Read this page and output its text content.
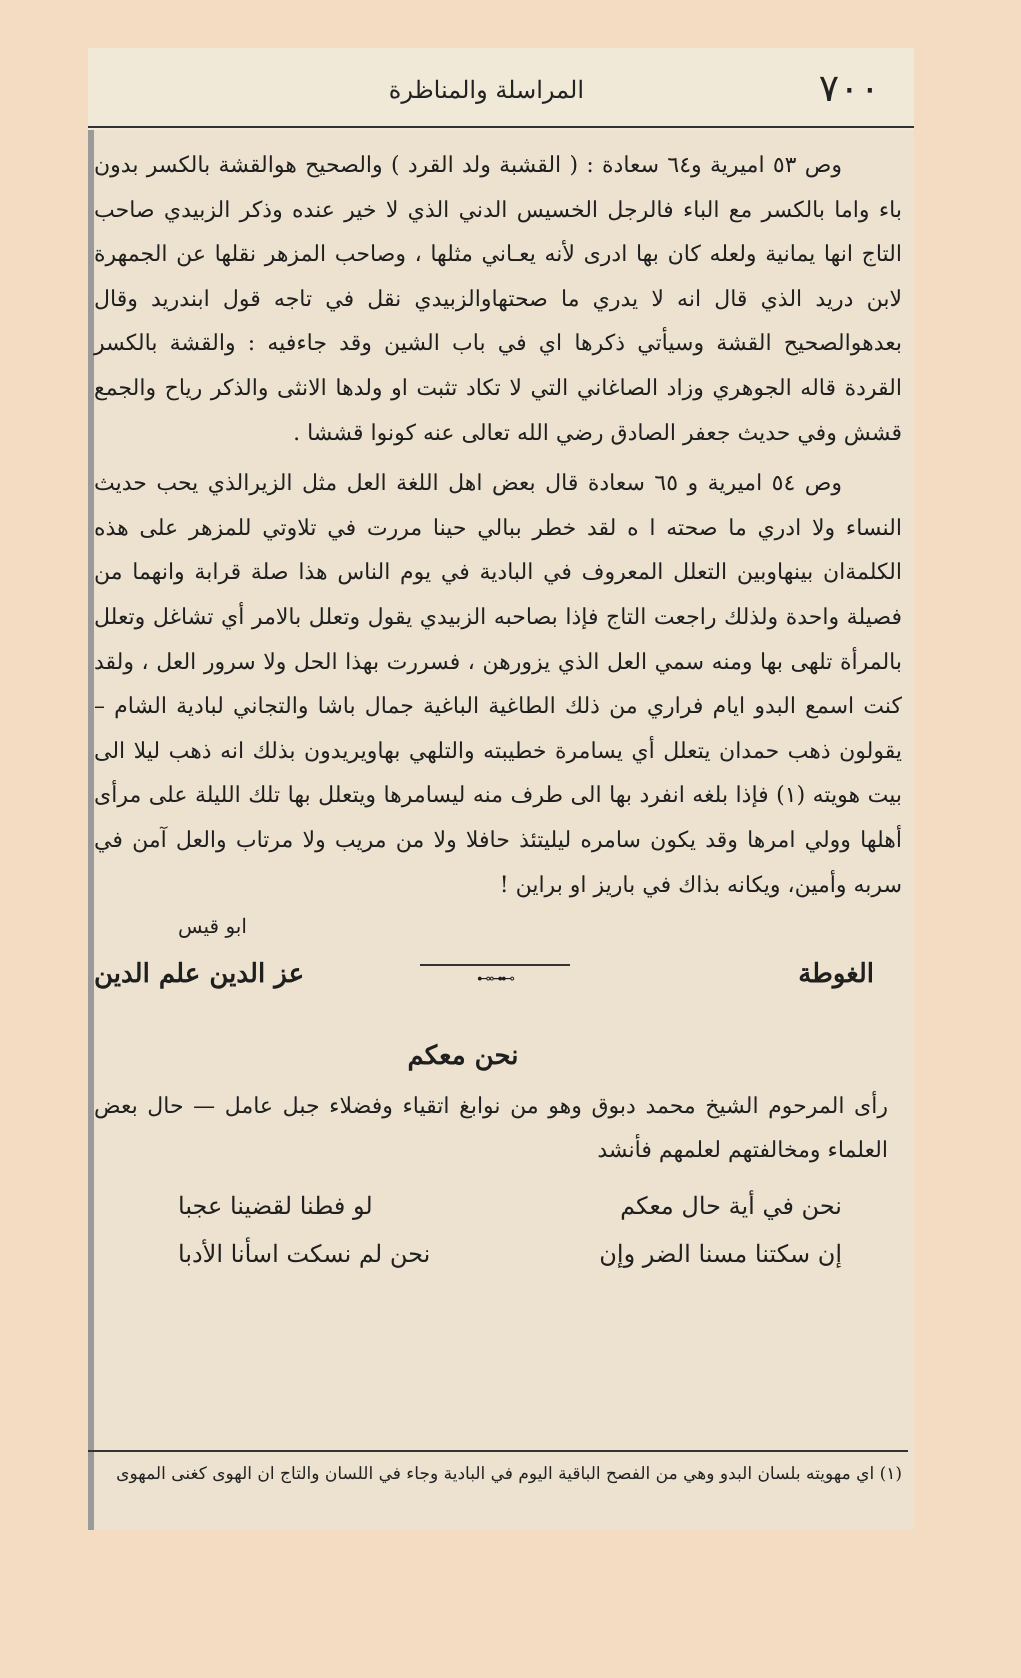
٧٠٠
المراسلة والمناظرة

وص ٥٣ اميرية و٦٤ سعادة : ( القشبة ولد القرد ) والصحيح هوالقشة بالكسر بدون باء واما بالكسر مع الباء فالرجل الخسيس الدني الذي لا خير عنده وذكر الزبيدي صاحب التاج انها يمانية ولعله كان بها ادرى لأنه يعـاني مثلها ، وصاحب المزهر نقلها عن الجمهرة لابن دريد الذي قال انه لا يدري ما صحتهاوالزبيدي نقل في تاجه قول ابندريد وقال بعدهوالصحيح القشة وسيأتي ذكرها اي في باب الشين وقد جاءفيه : والقشة بالكسر القردة قاله الجوهري وزاد الصاغاني التي لا تكاد تثبت او ولدها الانثى والذكر رياح والجمع قشش وفي حديث جعفر الصادق رضي الله تعالى عنه كونوا قششا .

وص ٥٤ اميرية و ٦٥ سعادة قال بعض اهل اللغة العل مثل الزيرالذي يحب حديث النساء ولا ادري ما صحته ا ه لقد خطر ببالي حينا مررت في تلاوتي للمزهر على هذه الكلمةان بينهاوبين التعلل المعروف في البادية في يوم الناس هذا صلة قرابة وانهما من فصيلة واحدة ولذلك راجعت التاج فإذا بصاحبه الزبيدي يقول وتعلل بالامر أي تشاغل وتعلل بالمرأة تلهى بها ومنه سمي العل الذي يزورهن ، فسررت بهذا الحل ولا سرور العل ، ولقد كنت اسمع البدو ايام فراري من ذلك الطاغية الباغية جمال باشا والتجاني لبادية الشام – يقولون ذهب حمدان يتعلل أي يسامرة خطيبته والتلهي بهاويريدون بذلك انه ذهب ليلا الى بيت هويته (١) فإذا بلغه انفرد بها الى طرف منه ليسامرها ويتعلل بها تلك الليلة على مرأى أهلها وولي امرها وقد يكون سامره ليليتئذ حافلا ولا من مريب ولا مرتاب والعل آمن في سربه وأمين، ويكانه بذاك في باريز او براين !

ابو قيس
الغوطة
⊶⊷⊶
عز الدين علم الدين
نحن معكم

رأى المرحوم الشيخ محمد دبوق وهو من نوابغ اتقياء وفضلاء جبل عامل — حال بعض العلماء ومخالفتهم لعلمهم فأنشد

نحن في أية حال معكم
لو فطنا لقضينا عجبا
إن سكتنا مسنا الضر وإن
نحن لم نسكت اسأنا الأدبا
(١) اي مهويته بلسان البدو وهي من الفصح الباقية اليوم في البادية وجاء في اللسان والتاج ان الهوى كغنى المهوى
